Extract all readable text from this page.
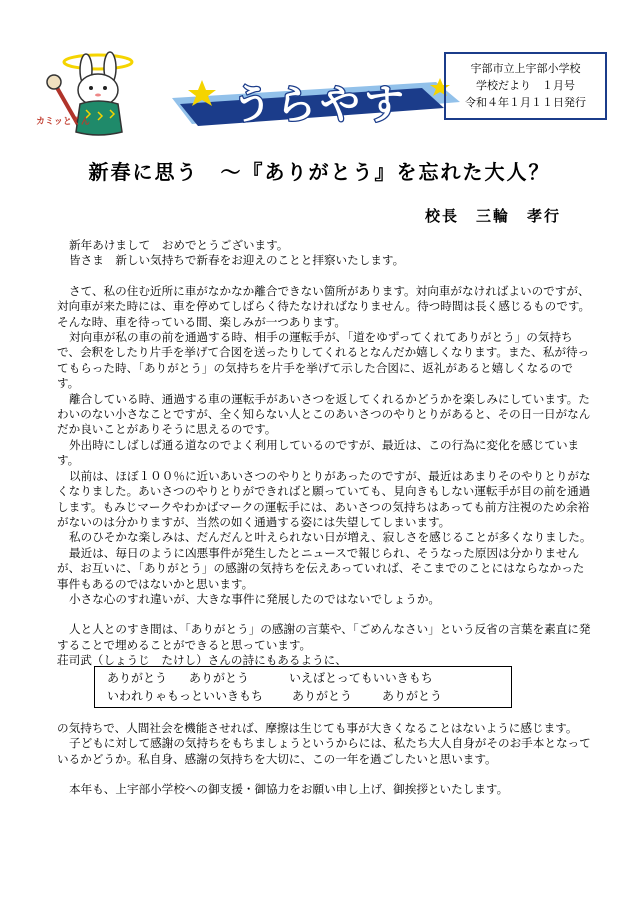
カミッとくん	うらやす
宇部市立上宇部小学校
学校だより　１月号
令和４年１月１１日発行
新春に思う　～『ありがとう』を忘れた大人？
校長　三輪　孝行

新年あけまして　おめでとうございます。

皆さま　新しい気持ちで新春をお迎えのことと拝察いたします。

さて、私の住む近所に車がなかなか離合できない箇所があります。対向車がなければよいのですが、対向車が来た時には、車を停めてしばらく待たなければなりません。待つ時間は長く感じるものです。そんな時、車を待っている間、楽しみが一つあります。

対向車が私の車の前を通過する時、相手の運転手が、「道をゆずってくれてありがとう」の気持ちで、会釈をしたり片手を挙げて合図を送ったりしてくれるとなんだか嬉しくなります。また、私が待ってもらった時、「ありがとう」の気持ちを片手を挙げて示した合図に、返礼があると嬉しくなるのです。

離合している時、通過する車の運転手があいさつを返してくれるかどうかを楽しみにしています。たわいのない小さなことですが、全く知らない人とこのあいさつのやりとりがあると、その日一日がなんだか良いことがありそうに思えるのです。

外出時にしばしば通る道なのでよく利用しているのですが、最近は、この行為に変化を感じています。

以前は、ほぼ１００％に近いあいさつのやりとりがあったのですが、最近はあまりそのやりとりがなくなりました。あいさつのやりとりができればと願っていても、見向きもしない運転手が目の前を通過します。もみじマークやわかばマークの運転手には、あいさつの気持ちはあっても前方注視のため余裕がないのは分かりますが、当然の如く通過する姿には失望してしまいます。

私のひそかな楽しみは、だんだんと叶えられない日が増え、寂しさを感じることが多くなりました。

最近は、毎日のように凶悪事件が発生したとニュースで報じられ、そうなった原因は分かりませんが、お互いに、「ありがとう」の感謝の気持ちを伝えあっていれば、そこまでのことにはならなかった事件もあるのではないかと思います。

小さな心のすれ違いが、大きな事件に発展したのではないでしょうか。

人と人とのすき間は、「ありがとう」の感謝の言葉や、「ごめんなさい」という反省の言葉を素直に発することで埋めることができると思っています。

荘司武（しょうじ　たけし）さんの詩にもあるように、

ありがとう	ありがとう	いえばとってもいいきもち
いわれりゃもっといいきもち	ありがとう	ありがとう

の気持ちで、人間社会を機能させれば、摩擦は生じても事が大きくなることはないように感じます。

子どもに対して感謝の気持ちをもちましょうというからには、私たち大人自身がそのお手本となっているかどうか。私自身、感謝の気持ちを大切に、この一年を過ごしたいと思います。

本年も、上宇部小学校への御支援・御協力をお願い申し上げ、御挨拶といたします。
